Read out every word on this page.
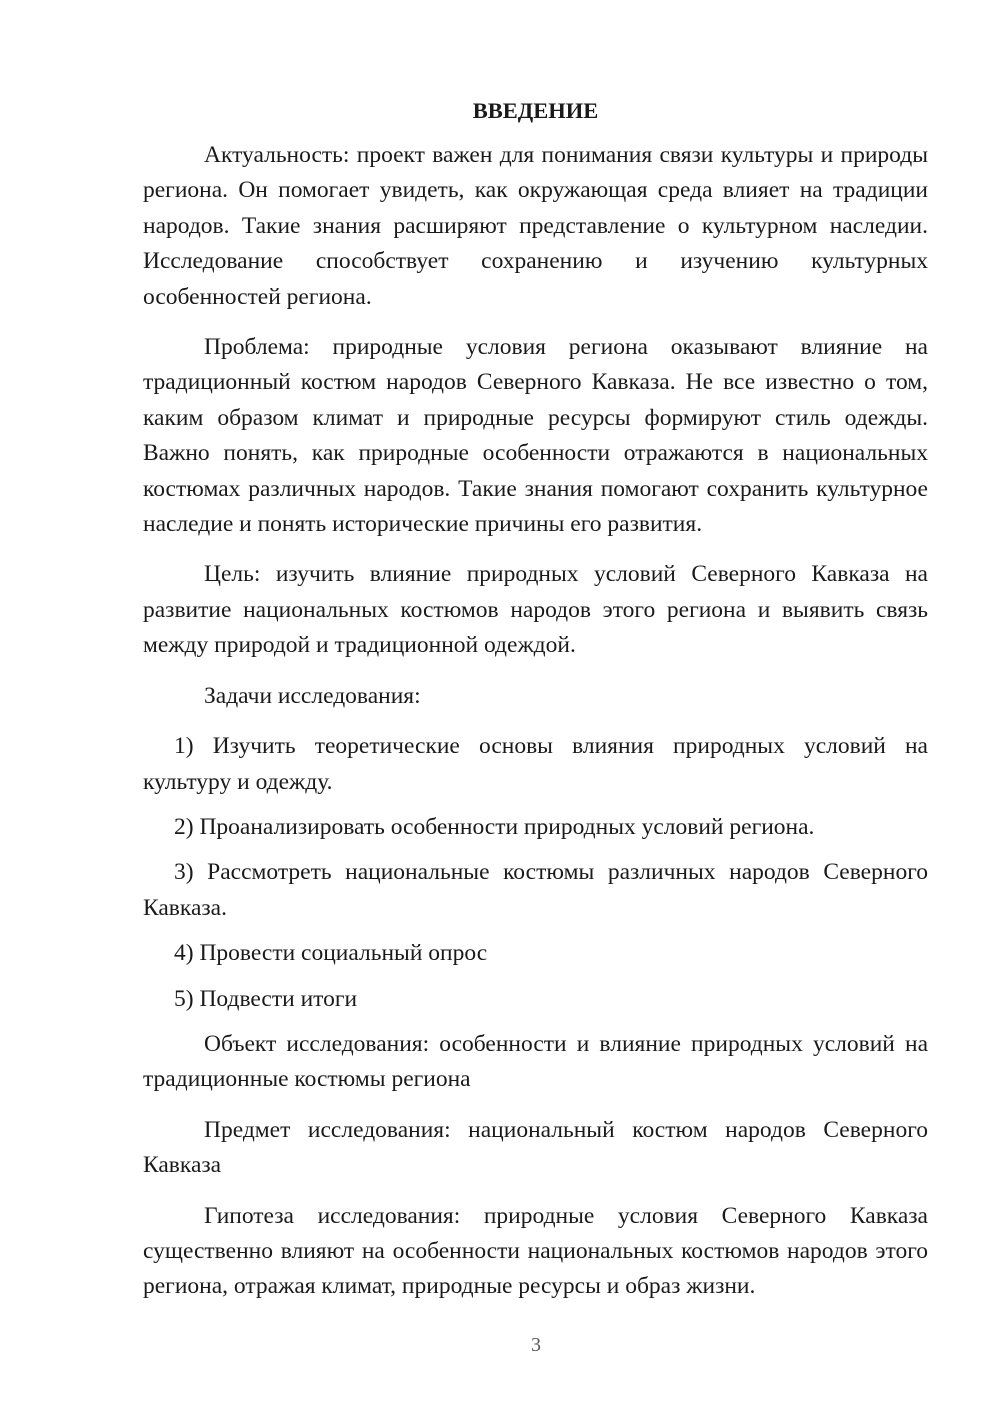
ВВЕДЕНИЕ

Актуальность: проект важен для понимания связи культуры и природы региона. Он помогает увидеть, как окружающая среда влияет на традиции народов. Такие знания расширяют представление о культурном наследии. Исследование способствует сохранению и изучению культурных особенностей региона.

Проблема: природные условия региона оказывают влияние на традиционный костюм народов Северного Кавказа. Не все известно о том, каким образом климат и природные ресурсы формируют стиль одежды. Важно понять, как природные особенности отражаются в национальных костюмах различных народов. Такие знания помогают сохранить культурное наследие и понять исторические причины его развития.

Цель: изучить влияние природных условий Северного Кавказа на развитие национальных костюмов народов этого региона и выявить связь между природой и традиционной одеждой.

Задачи исследования:

1) Изучить теоретические основы влияния природных условий на культуру и одежду.

2) Проанализировать особенности природных условий региона.

3) Рассмотреть национальные костюмы различных народов Северного Кавказа.

4) Провести социальный опрос

5) Подвести итоги

Объект исследования: особенности и влияние природных условий на традиционные костюмы региона

Предмет исследования: национальный костюм народов Северного Кавказа

Гипотеза исследования: природные условия Северного Кавказа существенно влияют на особенности национальных костюмов народов этого региона, отражая климат, природные ресурсы и образ жизни.

3
